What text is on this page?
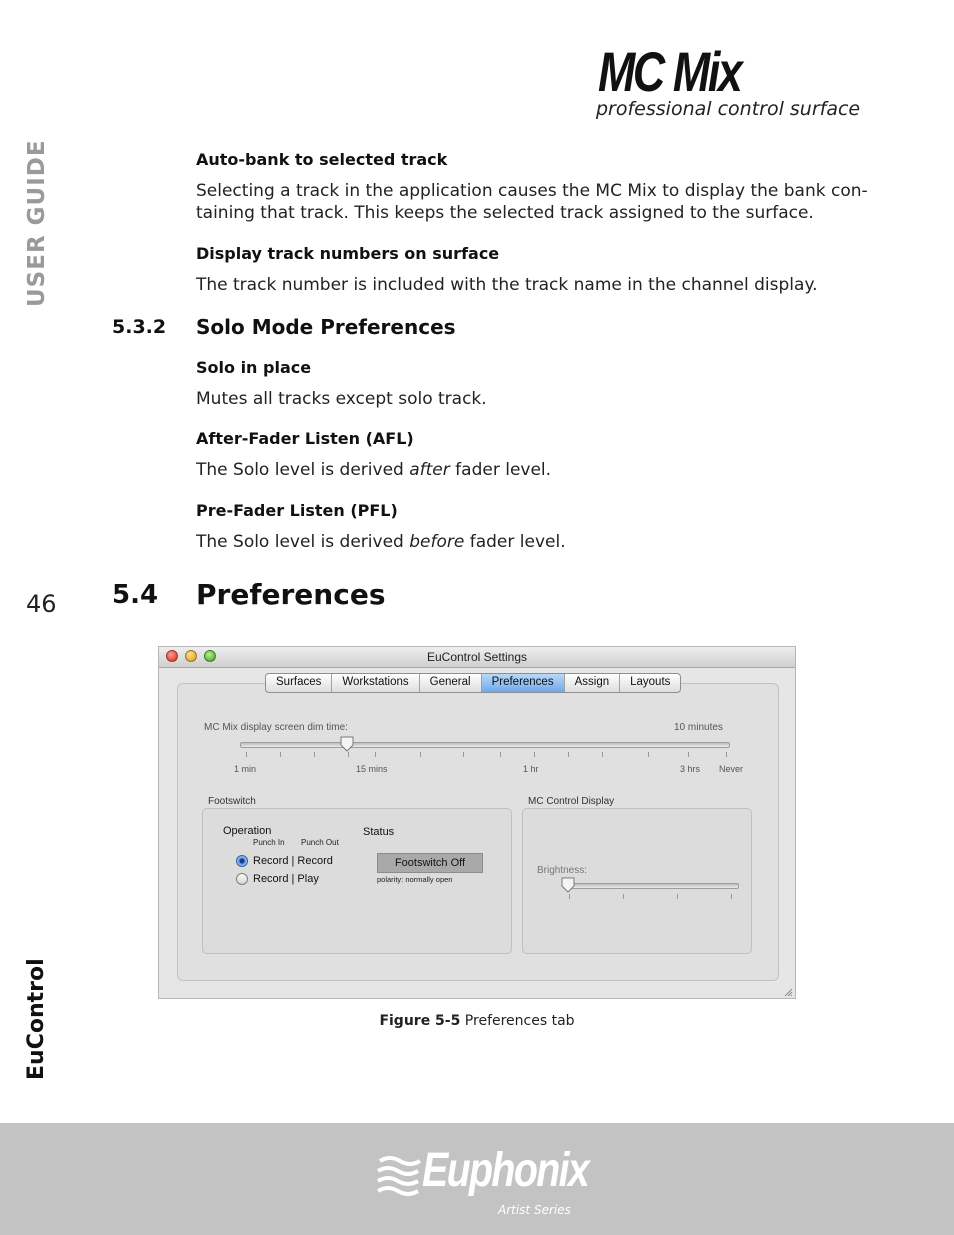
MC Mix
professional control surface
USER GUIDE
EuControl
46
Auto-bank to selected track
Selecting a track in the application causes the MC Mix to display the bank con-
taining that track. This keeps the selected track assigned to the surface.
Display track numbers on surface
The track number is included with the track name in the channel display.
5.3.2 Solo Mode Preferences
Solo in place
Mutes all tracks except solo track.
After-Fader Listen (AFL)
The Solo level is derived after fader level.
Pre-Fader Listen (PFL)
The Solo level is derived before fader level.
5.4 Preferences
EuControl Settings
MC Mix display screen dim time:	10 minutes
1 min	15 mins	1 hr	3 hrs Never
Footswitch
Operation
Punch In Punch Out
Record | Record
Record | Play
Status
Footswitch Off
polarity: normally open
MC Control Display
Brightness:
Surfaces	Workstations	General	Preferences	Assign	Layouts
Figure 5-5 Preferences tab
Euphonix
Artist Series
